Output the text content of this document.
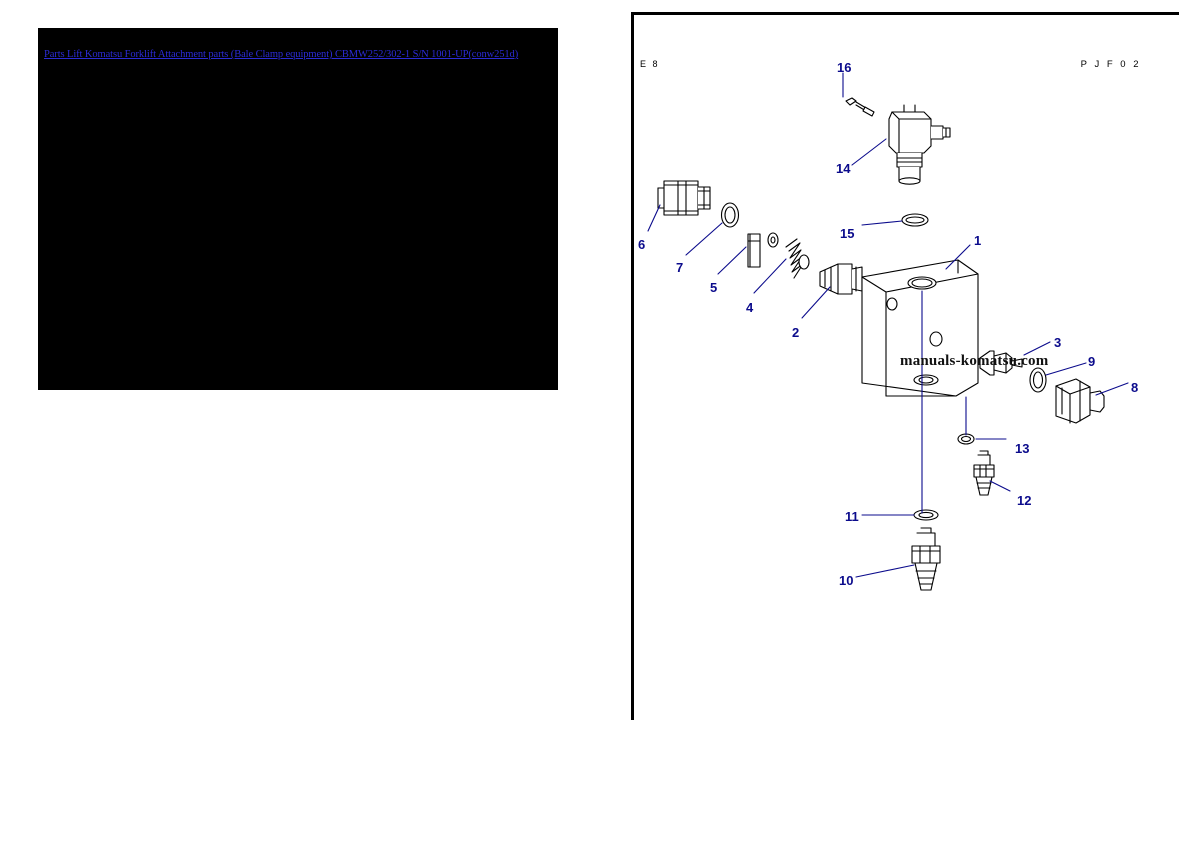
Parts Lift Komatsu Forklift Attachment parts (Bale Clamp equipment) CBMW252/302-1 S/N 1001-UP(conw251d)
E 8	P J F 0 2
manuals-komatsu.com
16
14
15
6
7
5
4
2
1
3
9
8
13
12
11
10
